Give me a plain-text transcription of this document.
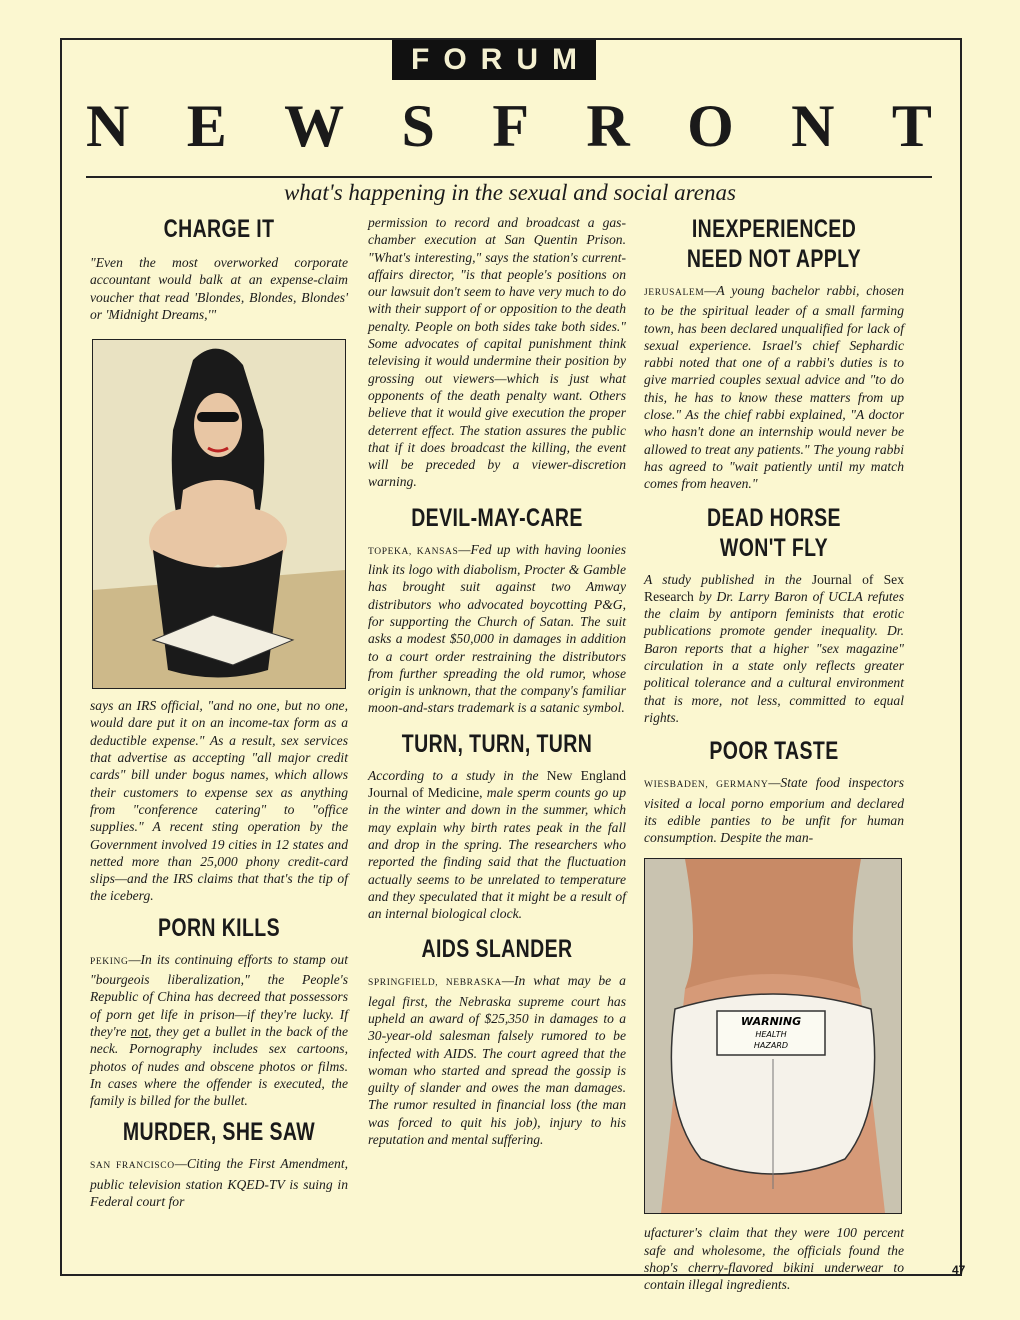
FORUM
N E W S F R O N T
what's happening in the sexual and social arenas
CHARGE IT

"Even the most overworked corporate accountant would balk at an expense-claim voucher that read 'Blondes, Blondes, Blondes' or 'Midnight Dreams,'"

says an IRS official, "and no one, but no one, would dare put it on an income-tax form as a deductible expense." As a result, sex services that advertise as accepting "all major credit cards" bill under bogus names, which allows their customers to expense sex as anything from "conference catering" to "office supplies." A recent sting operation by the Government involved 19 cities in 12 states and netted more than 25,000 phony credit-card slips—and the IRS claims that that's the tip of the iceberg.

PORN KILLS

PEKING—In its continuing efforts to stamp out "bourgeois liberalization," the People's Republic of China has decreed that possessors of porn get life in prison—if they're lucky. If they're not, they get a bullet in the back of the neck. Pornography includes sex cartoons, photos of nudes and obscene photos or films. In cases where the offender is executed, the family is billed for the bullet.

MURDER, SHE SAW

SAN FRANCISCO—Citing the First Amendment, public television station KQED-TV is suing in Federal court for

permission to record and broadcast a gas-chamber execution at San Quentin Prison. "What's interesting," says the station's current-affairs director, "is that people's positions on our lawsuit don't seem to have very much to do with their support of or opposition to the death penalty. People on both sides take both sides." Some advocates of capital punishment think televising it would undermine their position by grossing out viewers—which is just what opponents of the death penalty want. Others believe that it would give execution the proper deterrent effect. The station assures the public that if it does broadcast the killing, the event will be preceded by a viewer-discretion warning.

DEVIL-MAY-CARE

TOPEKA, KANSAS—Fed up with having loonies link its logo with diabolism, Procter & Gamble has brought suit against two Amway distributors who advocated boycotting P&G, for supporting the Church of Satan. The suit asks a modest $50,000 in damages in addition to a court order restraining the distributors from further spreading the old rumor, whose origin is unknown, that the company's familiar moon-and-stars trademark is a satanic symbol.

TURN, TURN, TURN

According to a study in the New England Journal of Medicine, male sperm counts go up in the winter and down in the summer, which may explain why birth rates peak in the fall and drop in the spring. The researchers who reported the finding said that the fluctuation actually seems to be unrelated to temperature and they speculated that it might be a result of an internal biological clock.

AIDS SLANDER

SPRINGFIELD, NEBRASKA—In what may be a legal first, the Nebraska supreme court has upheld an award of $25,350 in damages to a 30-year-old salesman falsely rumored to be infected with AIDS. The court agreed that the woman who started and spread the gossip is guilty of slander and owes the man damages. The rumor resulted in financial loss (the man was forced to quit his job), injury to his reputation and mental suffering.

INEXPERIENCED NEED NOT APPLY

JERUSALEM—A young bachelor rabbi, chosen to be the spiritual leader of a small farming town, has been declared unqualified for lack of sexual experience. Israel's chief Sephardic rabbi noted that one of a rabbi's duties is to give married couples sexual advice and "to do this, he has to know these matters from up close." As the chief rabbi explained, "A doctor who hasn't done an internship would never be allowed to treat any patients." The young rabbi has agreed to "wait patiently until my match comes from heaven."

DEAD HORSE WON'T FLY

A study published in the Journal of Sex Research by Dr. Larry Baron of UCLA refutes the claim by antiporn feminists that erotic publications promote gender inequality. Dr. Baron reports that a higher "sex magazine" circulation in a state only reflects greater political tolerance and a cultural environment that is more, not less, committed to equal rights.

POOR TASTE

WIESBADEN, GERMANY—State food inspectors visited a local porno emporium and declared its edible panties to be unfit for human consumption. Despite the man-

WARNING
HEALTH
HAZARD

ufacturer's claim that they were 100 percent safe and wholesome, the officials found the shop's cherry-flavored bikini underwear to contain illegal ingredients.

47
